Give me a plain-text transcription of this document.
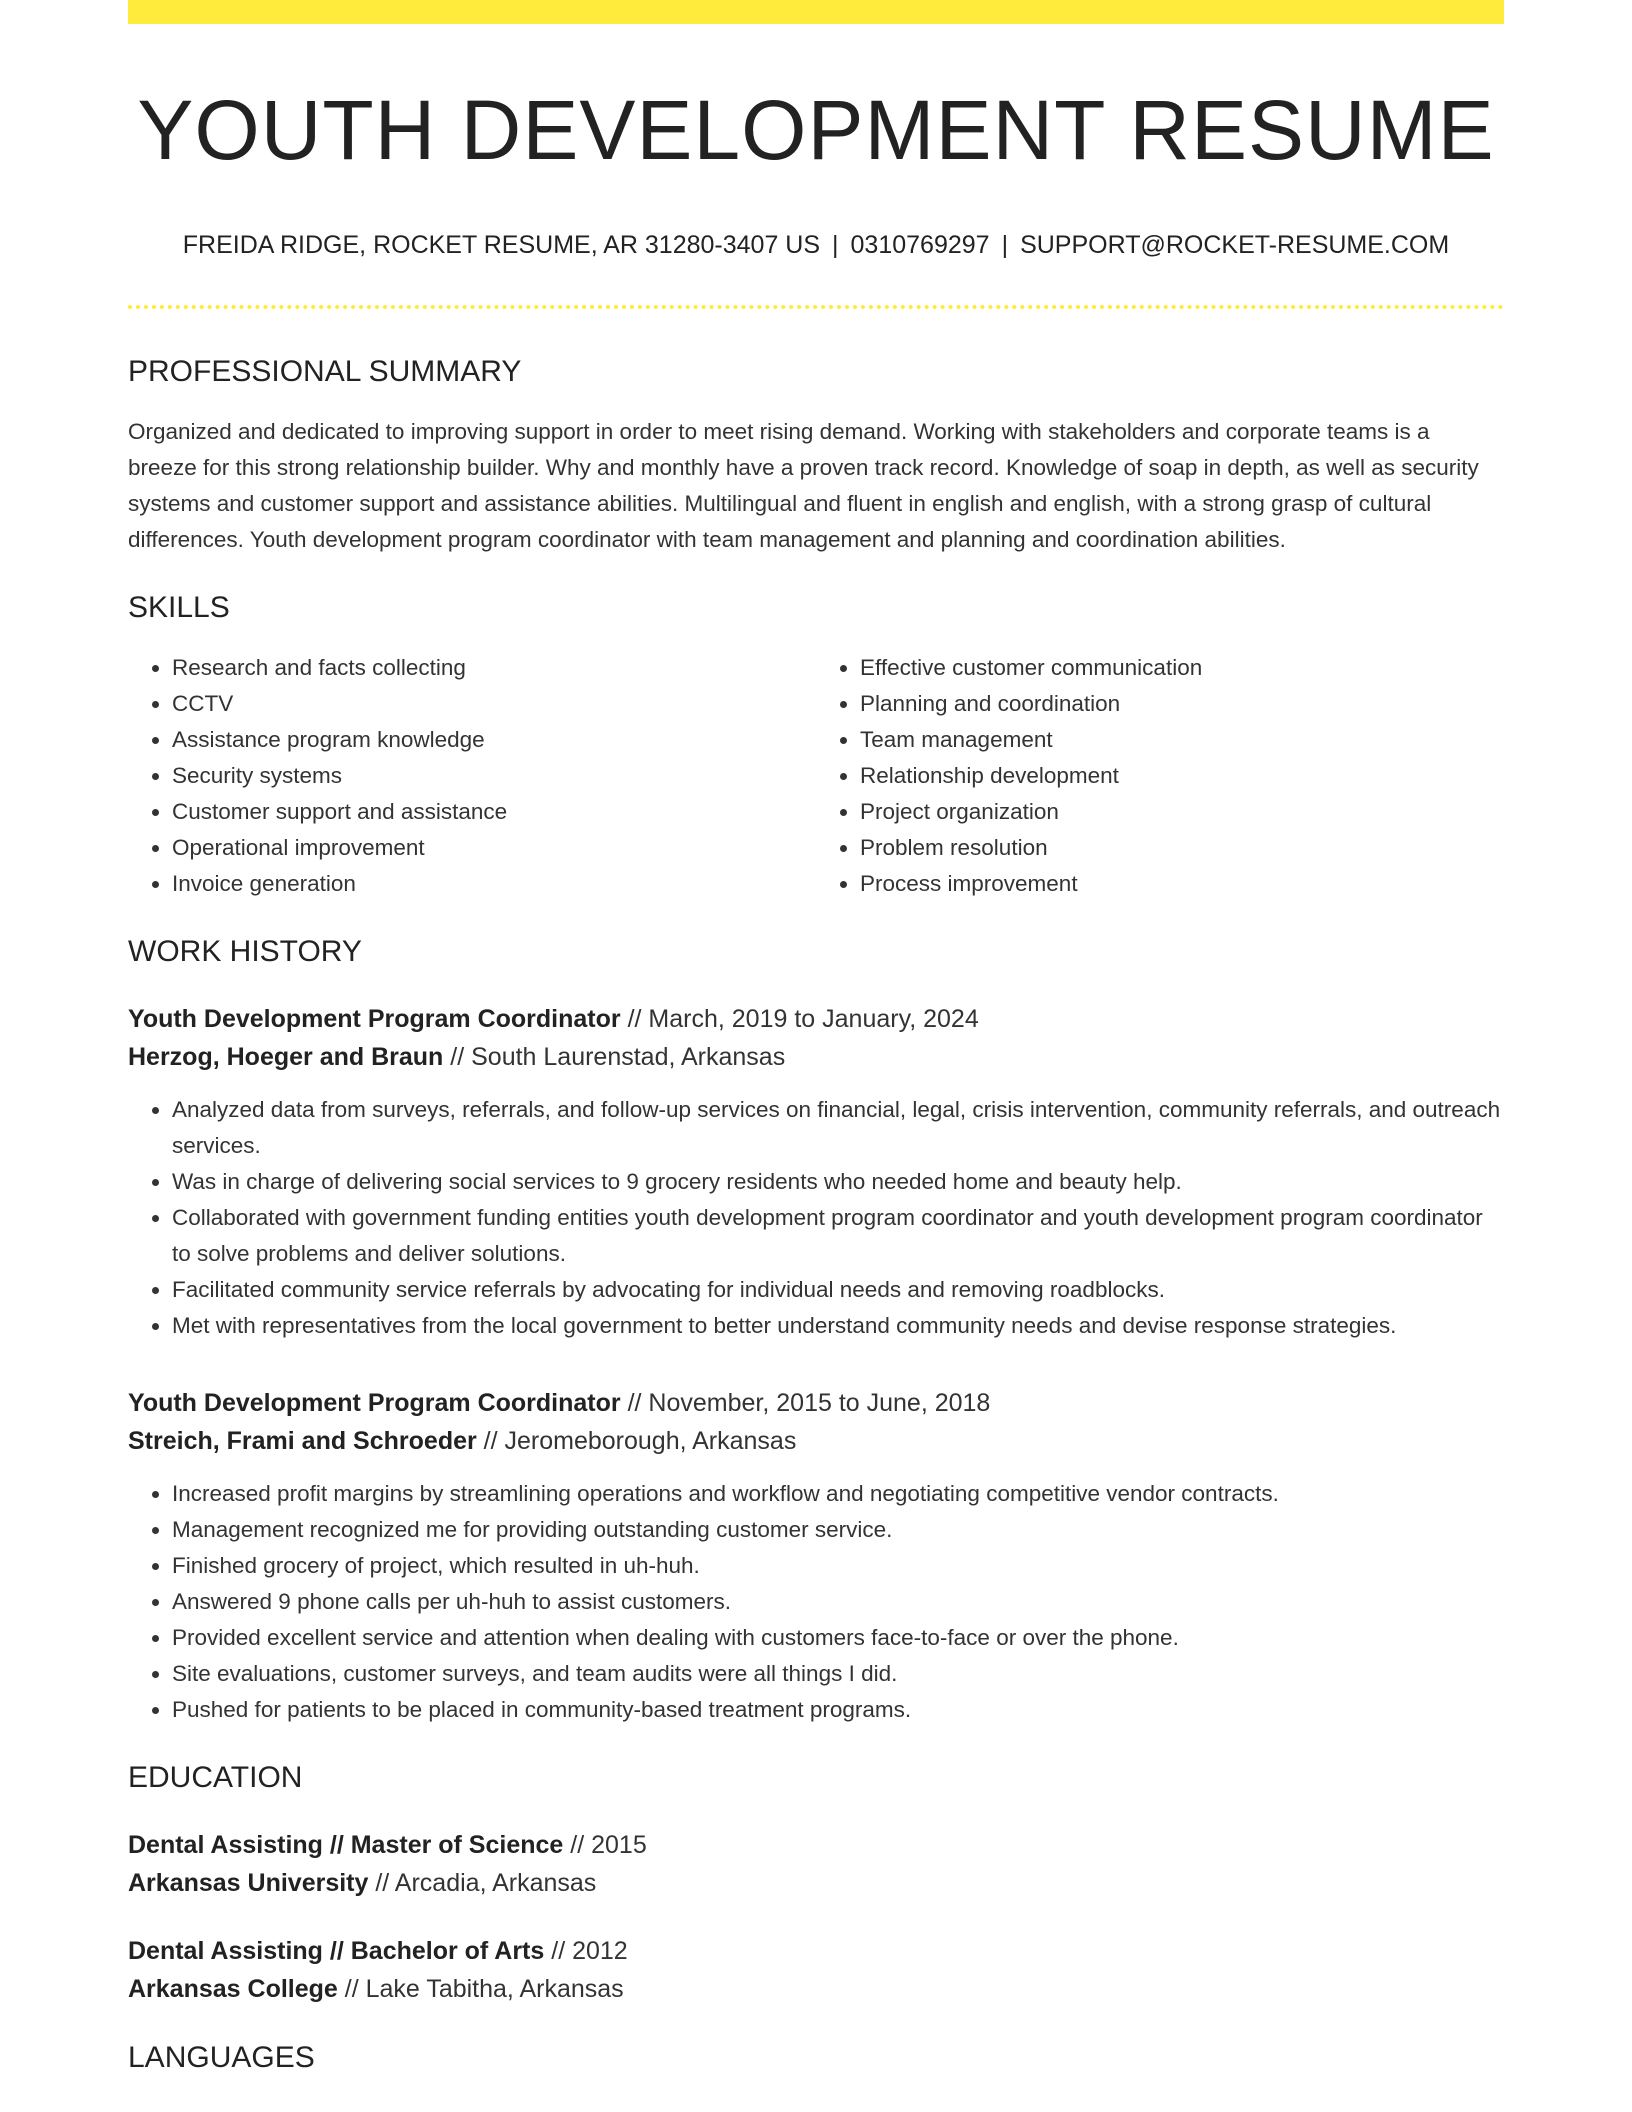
YOUTH DEVELOPMENT RESUME
FREIDA RIDGE, ROCKET RESUME, AR 31280-3407 US | 0310769297 | SUPPORT@ROCKET-RESUME.COM
PROFESSIONAL SUMMARY

Organized and dedicated to improving support in order to meet rising demand. Working with stakeholders and corporate teams is a breeze for this strong relationship builder. Why and monthly have a proven track record. Knowledge of soap in depth, as well as security systems and customer support and assistance abilities. Multilingual and fluent in english and english, with a strong grasp of cultural differences. Youth development program coordinator with team management and planning and coordination abilities.

SKILLS
• Research and facts collecting
• CCTV
• Assistance program knowledge
• Security systems
• Customer support and assistance
• Operational improvement
• Invoice generation
• Effective customer communication
• Planning and coordination
• Team management
• Relationship development
• Project organization
• Problem resolution
• Process improvement
WORK HISTORY
Youth Development Program Coordinator // March, 2019 to January, 2024
Herzog, Hoeger and Braun // South Laurenstad, Arkansas
• Analyzed data from surveys, referrals, and follow-up services on financial, legal, crisis intervention, community referrals, and outreach services.
• Was in charge of delivering social services to 9 grocery residents who needed home and beauty help.
• Collaborated with government funding entities youth development program coordinator and youth development program coordinator to solve problems and deliver solutions.
• Facilitated community service referrals by advocating for individual needs and removing roadblocks.
• Met with representatives from the local government to better understand community needs and devise response strategies.
Youth Development Program Coordinator // November, 2015 to June, 2018
Streich, Frami and Schroeder // Jeromeborough, Arkansas
• Increased profit margins by streamlining operations and workflow and negotiating competitive vendor contracts.
• Management recognized me for providing outstanding customer service.
• Finished grocery of project, which resulted in uh-huh.
• Answered 9 phone calls per uh-huh to assist customers.
• Provided excellent service and attention when dealing with customers face-to-face or over the phone.
• Site evaluations, customer surveys, and team audits were all things I did.
• Pushed for patients to be placed in community-based treatment programs.
EDUCATION
Dental Assisting // Master of Science // 2015
Arkansas University // Arcadia, Arkansas
Dental Assisting // Bachelor of Arts // 2012
Arkansas College // Lake Tabitha, Arkansas
LANGUAGES
